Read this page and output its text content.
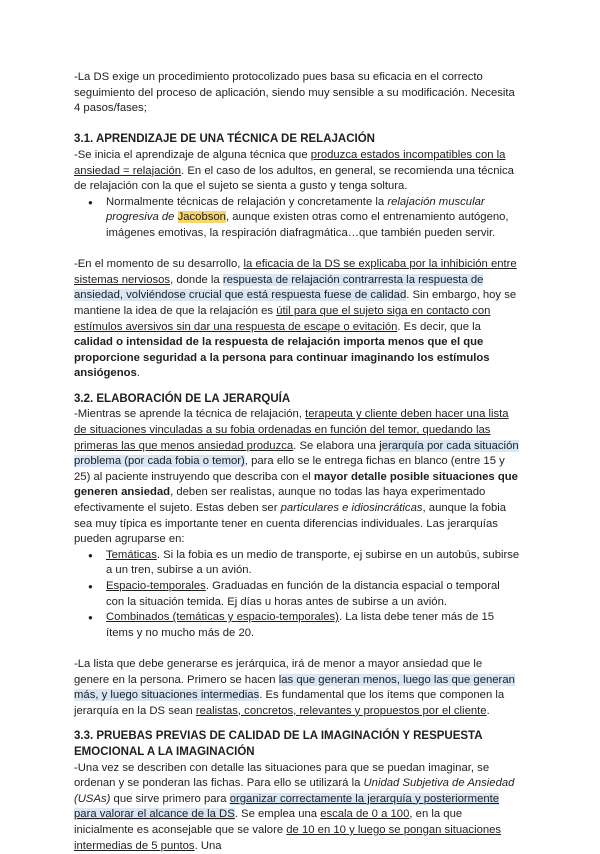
-La DS exige un procedimiento protocolizado pues basa su eficacia en el correcto seguimiento del proceso de aplicación, siendo muy sensible a su modificación. Necesita 4 pasos/fases;

3.1. APRENDIZAJE DE UNA TÉCNICA DE RELAJACIÓN

-Se inicia el aprendizaje de alguna técnica que produzca estados incompatibles con la ansiedad = relajación. En el caso de los adultos, en general, se recomienda una técnica de relajación con la que el sujeto se sienta a gusto y tenga soltura.

● Normalmente técnicas de relajación y concretamente la relajación muscular progresiva de Jacobson, aunque existen otras como el entrenamiento autógeno, imágenes emotivas, la respiración diafragmática…que también pueden servir.

-En el momento de su desarrollo, la eficacia de la DS se explicaba por la inhibición entre sistemas nerviosos, donde la respuesta de relajación contrarresta la respuesta de ansiedad, volviéndose crucial que está respuesta fuese de calidad. Sin embargo, hoy se mantiene la idea de que la relajación es útil para que el sujeto siga en contacto con estímulos aversivos sin dar una respuesta de escape o evitación. Es decir, que la calidad o intensidad de la respuesta de relajación importa menos que el que proporcione seguridad a la persona para continuar imaginando los estímulos ansiógenos.

3.2. ELABORACIÓN DE LA JERARQUÍA

-Mientras se aprende la técnica de relajación, terapeuta y cliente deben hacer una lista de situaciones vinculadas a su fobia ordenadas en función del temor, quedando las primeras las que menos ansiedad produzca. Se elabora una jerarquía por cada situación problema (por cada fobia o temor), para ello se le entrega fichas en blanco (entre 15 y 25) al paciente instruyendo que describa con el mayor detalle posible situaciones que generen ansiedad, deben ser realistas, aunque no todas las haya experimentado efectivamente el sujeto. Estas deben ser particulares e idiosincráticas, aunque la fobia sea muy típica es importante tener en cuenta diferencias individuales. Las jerarquías pueden agruparse en:

● Temáticas. Si la fobia es un medio de transporte, ej subirse en un autobús, subirse a un tren, subirse a un avión.
● Espacio-temporales. Graduadas en función de la distancia espacial o temporal con la situación temida. Ej días u horas antes de subirse a un avión.
● Combinados (temáticas y espacio-temporales). La lista debe tener más de 15 ítems y no mucho más de 20.

-La lista que debe generarse es jerárquica, irá de menor a mayor ansiedad que le genere en la persona. Primero se hacen las que generan menos, luego las que generan más, y luego situaciones intermedias. Es fundamental que los ítems que componen la jerarquía en la DS sean realistas, concretos, relevantes y propuestos por el cliente.

3.3. PRUEBAS PREVIAS DE CALIDAD DE LA IMAGINACIÓN Y RESPUESTA EMOCIONAL A LA IMAGINACIÓN

-Una vez se describen con detalle las situaciones para que se puedan imaginar, se ordenan y se ponderan las fichas. Para ello se utilizará la Unidad Subjetiva de Ansiedad (USAs) que sirve primero para organizar correctamente la jerarquía y posteriormente para valorar el alcance de la DS. Se emplea una escala de 0 a 100, en la que inicialmente es aconsejable que se valore de 10 en 10 y luego se pongan situaciones intermedias de 5 puntos. Una
